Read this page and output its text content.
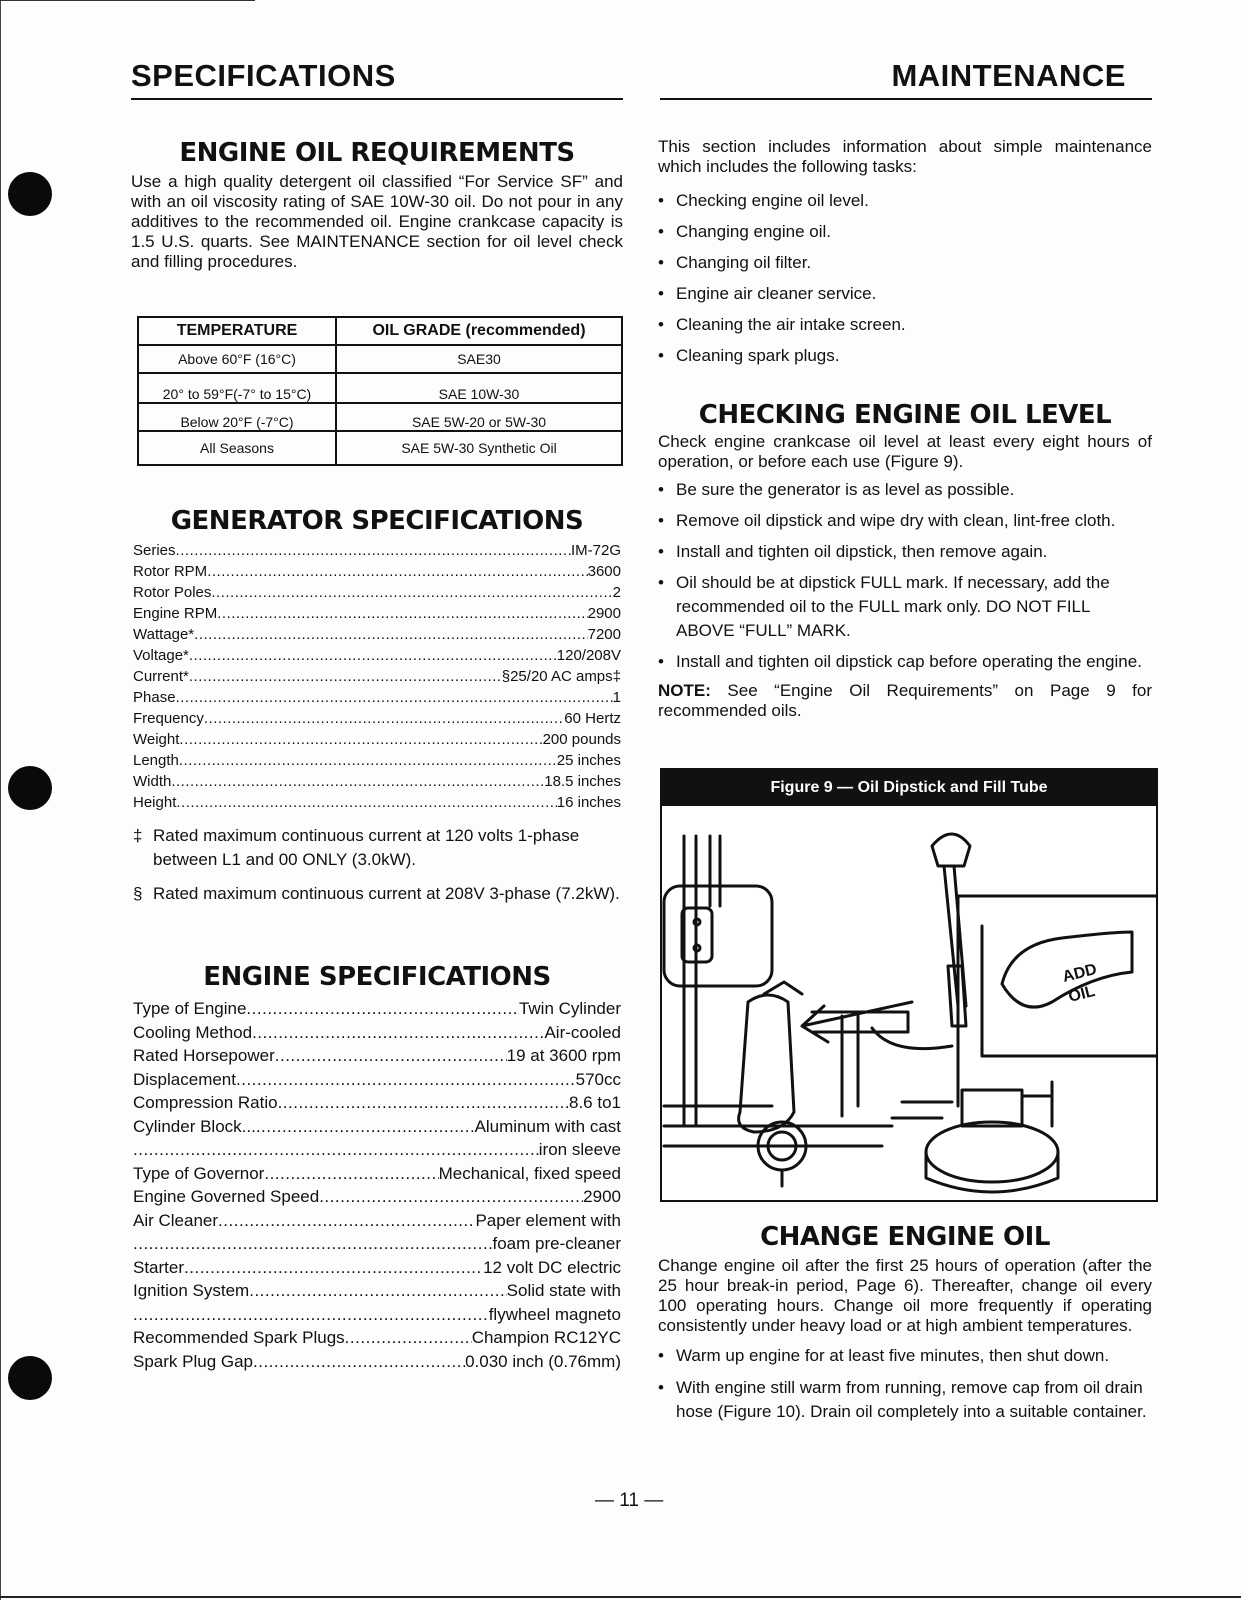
SPECIFICATIONS	MAINTENANCE
ENGINE OIL REQUIREMENTS

Use a high quality detergent oil classified “For Service SF” and with an oil viscosity rating of SAE 10W-30 oil. Do not pour in any additives to the recommended oil. Engine crankcase capacity is 1.5 U.S. quarts. See MAINTENANCE section for oil level check and filling procedures.

TEMPERATURE	OIL GRADE (recommended)
Above 60°F (16°C)	SAE30
20° to 59°F(-7° to 15°C)	SAE 10W-30
Below 20°F (-7°C)	SAE 5W-20 or 5W-30
All Seasons	SAE 5W-30 Synthetic Oil
GENERATOR SPECIFICATIONS
Series .....	IM-72G
Rotor RPM .....	3600
Rotor Poles .....	2
Engine RPM .....	2900
Wattage* .....	7200
Voltage* .....	120/208V
Current* .....	§25/20 AC amps‡
Phase .....	1
Frequency .....	60 Hertz
Weight .....	200 pounds
Length .....	25 inches
Width .....	18.5 inches
Height .....	16 inches
‡ Rated maximum continuous current at 120 volts 1-phase between L1 and 00 ONLY (3.0kW).
§ Rated maximum continuous current at 208V 3-phase (7.2kW).
ENGINE SPECIFICATIONS
Type of Engine .....	Twin Cylinder
Cooling Method .....	Air-cooled
Rated Horsepower .....	19 at 3600 rpm
Displacement .....	570cc
Compression Ratio .....	8.6 to1
Cylinder Block... .....	Aluminum with cast
.....
iron sleeve
Type of Governor .....	Mechanical, fixed speed
Engine Governed Speed .....	2900
Air Cleaner .....	Paper element with
.....
foam pre-cleaner
Starter .....	12 volt DC electric
Ignition System .....	Solid state with
.....
flywheel magneto
Recommended Spark Plugs .....	Champion RC12YC
Spark Plug Gap .....	0.030 inch (0.76mm)

This section includes information about simple maintenance which includes the following tasks:

• Checking engine oil level.
• Changing engine oil.
• Changing oil filter.
• Engine air cleaner service.
• Cleaning the air intake screen.
• Cleaning spark plugs.
CHECKING ENGINE OIL LEVEL

Check engine crankcase oil level at least every eight hours of operation, or before each use (Figure 9).

• Be sure the generator is as level as possible.
• Remove oil dipstick and wipe dry with clean, lint-free cloth.
• Install and tighten oil dipstick, then remove again.
• Oil should be at dipstick FULL mark. If necessary, add the recommended oil to the FULL mark only. DO NOT FILL ABOVE “FULL” MARK.
• Install and tighten oil dipstick cap before operating the engine.

NOTE: See “Engine Oil Requirements” on Page 9 for recommended oils.

Figure 9 — Oil Dipstick and Fill Tube
ADD
OIL
CHANGE ENGINE OIL

Change engine oil after the first 25 hours of operation (after the 25 hour break-in period, Page 6). Thereafter, change oil every 100 operating hours. Change oil more frequently if operating consistently under heavy load or at high ambient temperatures.

• Warm up engine for at least five minutes, then shut down.
• With engine still warm from running, remove cap from oil drain hose (Figure 10). Drain oil completely into a suitable container.
— 11 —
